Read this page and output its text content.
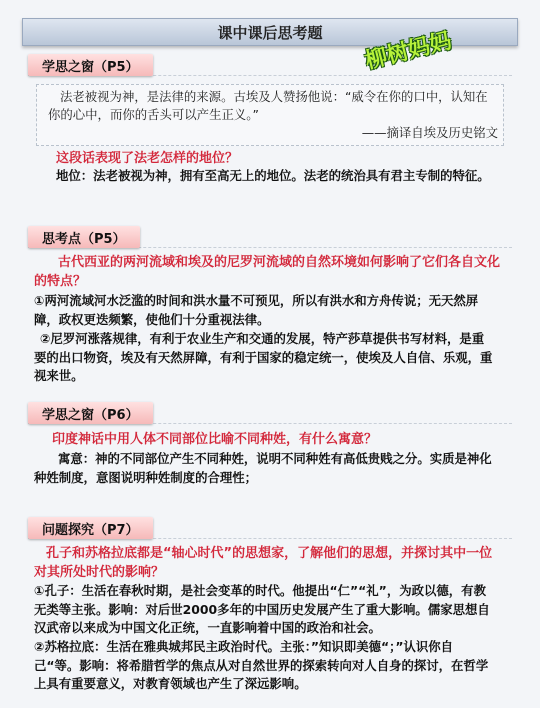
课中课后思考题	柳树妈妈
学思之窗（P5）
法老被视为神，是法律的来源。古埃及人赞扬他说：“威令在你的口中，认知在你的心中，而你的舌头可以产生正义。”
——摘译自埃及历史铭文
这段话表现了法老怎样的地位？
地位：法老被视为神，拥有至高无上的地位。法老的统治具有君主专制的特征。
思考点（P5）
古代西亚的两河流域和埃及的尼罗河流域的自然环境如何影响了它们各自文化的特点？
①两河流域河水泛滥的时间和洪水量不可预见，所以有洪水和方舟传说；无天然屏障，政权更迭频繁，使他们十分重视法律。
②尼罗河涨落规律，有利于农业生产和交通的发展，特产莎草提供书写材料，是重要的出口物资，埃及有天然屏障，有利于国家的稳定统一，使埃及人自信、乐观，重视来世。
学思之窗（P6）
印度神话中用人体不同部位比喻不同种姓，有什么寓意？
寓意：神的不同部位产生不同种姓，说明不同种姓有高低贵贱之分。实质是神化种姓制度，意图说明种姓制度的合理性；
问题探究（P7）
孔子和苏格拉底都是“轴心时代”的思想家，了解他们的思想，并探讨其中一位对其所处时代的影响？
①孔子：生活在春秋时期，是社会变革的时代。他提出“仁”“礼”，为政以德，有教无类等主张。影响：对后世2000多年的中国历史发展产生了重大影响。儒家思想自汉武帝以来成为中国文化正统，一直影响着中国的政治和社会。
②苏格拉底：生活在雅典城邦民主政治时代。主张：”知识即美德“；”认识你自己“等。影响：将希腊哲学的焦点从对自然世界的探索转向对人自身的探讨，在哲学上具有重要意义，对教育领域也产生了深远影响。
